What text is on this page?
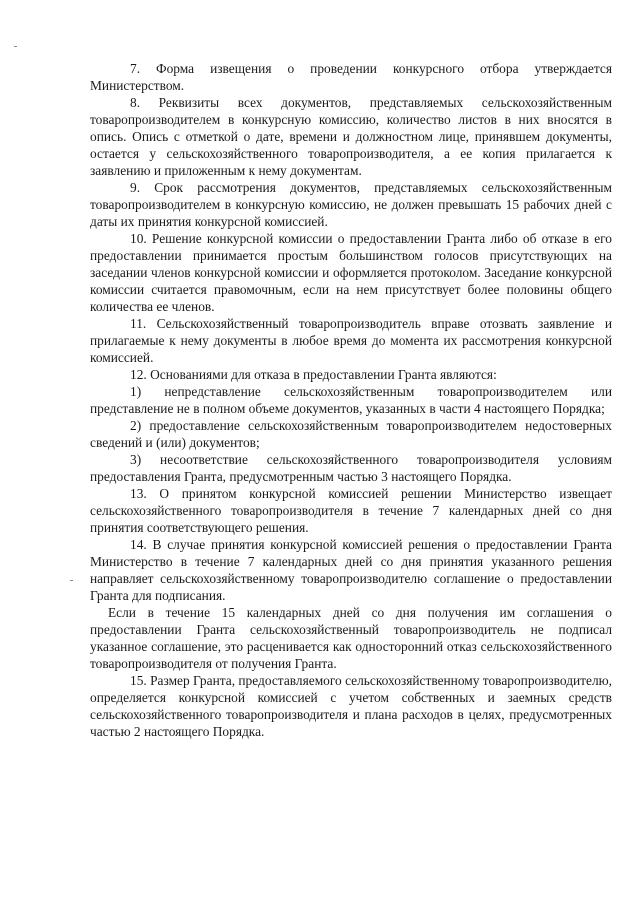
7. Форма извещения о проведении конкурсного отбора утверждается Министерством.

8. Реквизиты всех документов, представляемых сельскохозяйственным товаропроизводителем в конкурсную комиссию, количество листов в них вносятся в опись. Опись с отметкой о дате, времени и должностном лице, принявшем документы, остается у сельскохозяйственного товаропроизводителя, а ее копия прилагается к заявлению и приложенным к нему документам.

9. Срок рассмотрения документов, представляемых сельскохозяйственным товаропроизводителем в конкурсную комиссию, не должен превышать 15 рабочих дней с даты их принятия конкурсной комиссией.

10. Решение конкурсной комиссии о предоставлении Гранта либо об отказе в его предоставлении принимается простым большинством голосов присутствующих на заседании членов конкурсной комиссии и оформляется протоколом. Заседание конкурсной комиссии считается правомочным, если на нем присутствует более половины общего количества ее членов.

11. Сельскохозяйственный товаропроизводитель вправе отозвать заявление и прилагаемые к нему документы в любое время до момента их рассмотрения конкурсной комиссией.

12. Основаниями для отказа в предоставлении Гранта являются:

1) непредставление сельскохозяйственным товаропроизводителем или представление не в полном объеме документов, указанных в части 4 настоящего Порядка;

2) предоставление сельскохозяйственным товаропроизводителем недостоверных сведений и (или) документов;

3) несоответствие сельскохозяйственного товаропроизводителя условиям предоставления Гранта, предусмотренным частью 3 настоящего Порядка.

13. О принятом конкурсной комиссией решении Министерство извещает сельскохозяйственного товаропроизводителя в течение 7 календарных дней со дня принятия соответствующего решения.

14. В случае принятия конкурсной комиссией решения о предоставлении Гранта Министерство в течение 7 календарных дней со дня принятия указанного решения направляет сельскохозяйственному товаропроизводителю соглашение о предоставлении Гранта для подписания.

Если в течение 15 календарных дней со дня получения им соглашения о предоставлении Гранта сельскохозяйственный товаропроизводитель не подписал указанное соглашение, это расценивается как односторонний отказ сельскохозяйственного товаропроизводителя от получения Гранта.

15. Размер Гранта, предоставляемого сельскохозяйственному товаропроизводителю, определяется конкурсной комиссией с учетом собственных и заемных средств сельскохозяйственного товаропроизводителя и плана расходов в целях, предусмотренных частью 2 настоящего Порядка.
